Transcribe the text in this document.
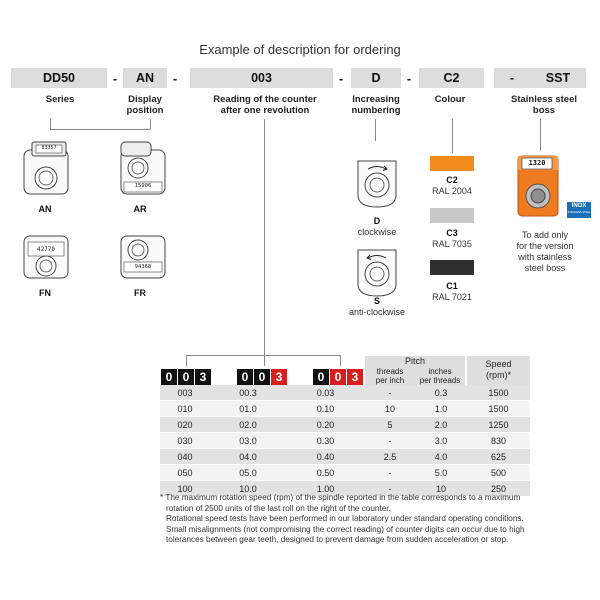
Example of description for ordering
DD50	-	AN	-	003	-	D	-	C2	-	SST
Series	Display
position
Reading of the counter
after one revolution
Increasing
numbering
Colour	Stainless steel
boss
83357
15906
42770
94368
AN	AR
FN	FR
D
clockwise
S
anti-clockwise
C2
RAL 2004
C3
RAL 7035
C1
RAL 7021
1320
INOX
STAINLESS STEEL
To add only
for the version
with stainless
steel boss
0 0 3	0 0 3	0 0 3
Pitch
threads
per inch
inches
per threads
Speed
(rpm)*
003	00.3	0.03	-	0.3	1500
010	01.0	0.10	10	1.0	1500
020	02.0	0.20	5	2.0	1250
030	03.0	0.30	-	3.0	830
040	04.0	0.40	2.5	4.0	625
050	05.0	0.50	-	5.0	500
100	10.0	1.00	-	10	250
* The maximum rotation speed (rpm) of the spindle reported in the table corresponds to a maximum
rotation of 2500 units of the last roll on the right of the counter.
Rotational speed tests have been performed in our laboratory under standard operating conditions.
Small misalignments (not compromising the correct reading) of counter digits can occur due to high
tolerances between gear teeth, designed to prevent damage from sudden acceleration or stop.
